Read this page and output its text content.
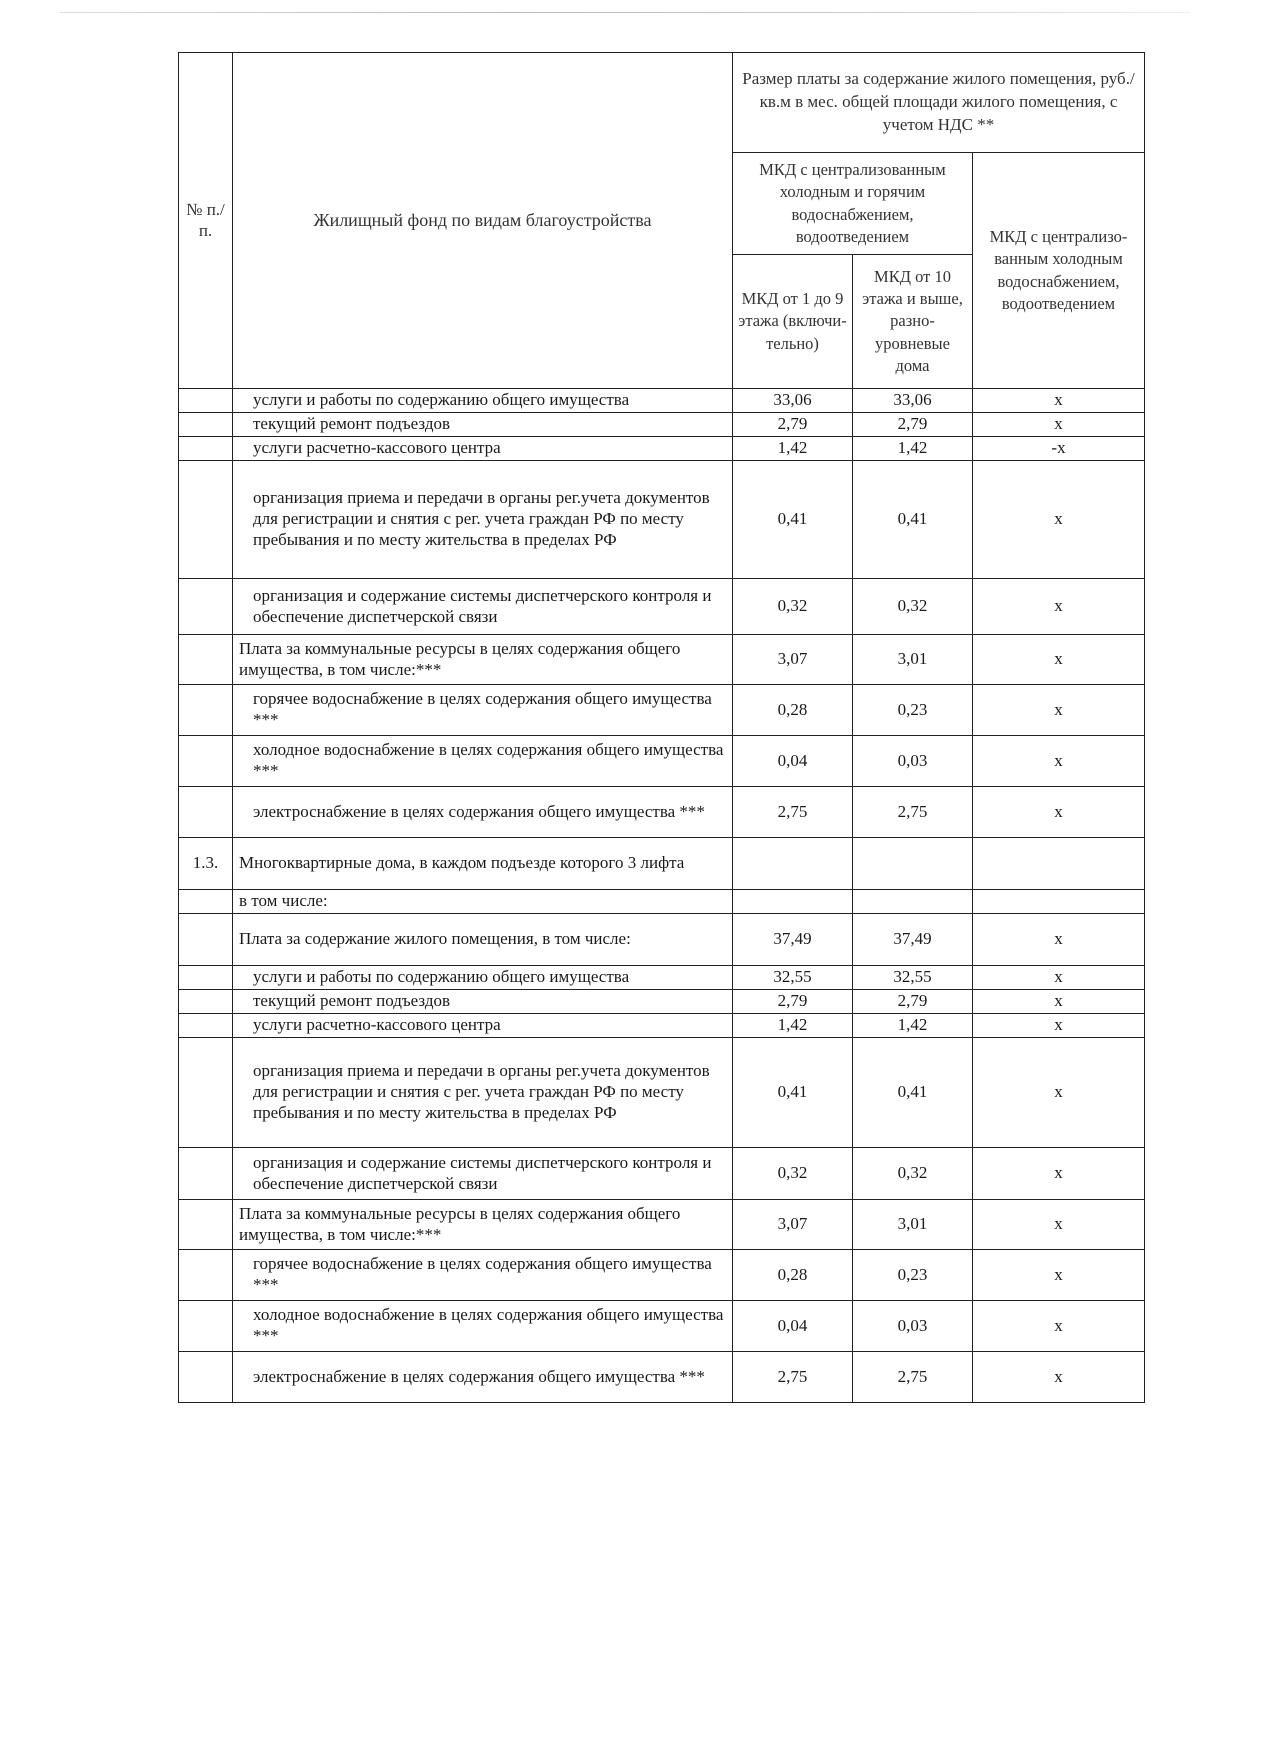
№ п./п.	Жилищный фонд по видам благоустройства	Размер платы за содержание жилого помещения, руб./кв.м в мес. общей площади жилого помещения, с учетом НДС **		
		МКД с централизованным холодным и горячим водоснабжением, водоотведением		МКД с централизо-ванным холодным водоснабжением, водоотведением
		МКД от 1 до 9 этажа (включи-тельно)	МКД от 10 этажа и выше, разно-уровневые дома	
	услуги и работы по содержанию общего имущества	33,06	33,06	х
	текущий ремонт подъездов	2,79	2,79	х
	услуги расчетно-кассового центра	1,42	1,42	-х
	организация приема и передачи в органы рег.учета документов для регистрации и снятия с рег. учета граждан РФ по месту пребывания и по месту жительства в пределах РФ	0,41	0,41	х
	организация и содержание системы диспетчерского контроля и обеспечение диспетчерской связи	0,32	0,32	х
	Плата за коммунальные ресурсы в целях содержания общего имущества, в том числе:***	3,07	3,01	х
	горячее водоснабжение в целях содержания общего имущества ***	0,28	0,23	х
	холодное водоснабжение в целях содержания общего имущества ***	0,04	0,03	х
	электроснабжение в целях содержания общего имущества ***	2,75	2,75	х
1.3.	Многоквартирные дома, в каждом подъезде которого 3 лифта			
	в том числе:			
	Плата за содержание жилого помещения, в том числе:	37,49	37,49	х
	услуги и работы по содержанию общего имущества	32,55	32,55	х
	текущий ремонт подъездов	2,79	2,79	х
	услуги расчетно-кассового центра	1,42	1,42	х
	организация приема и передачи в органы рег.учета документов для регистрации и снятия с рег. учета граждан РФ по месту пребывания и по месту жительства в пределах РФ	0,41	0,41	х
	организация и содержание системы диспетчерского контроля и обеспечение диспетчерской связи	0,32	0,32	х
	Плата за коммунальные ресурсы в целях содержания общего имущества, в том числе:***	3,07	3,01	х
	горячее водоснабжение в целях содержания общего имущества ***	0,28	0,23	х
	холодное водоснабжение в целях содержания общего имущества ***	0,04	0,03	х
	электроснабжение в целях содержания общего имущества ***	2,75	2,75	х
